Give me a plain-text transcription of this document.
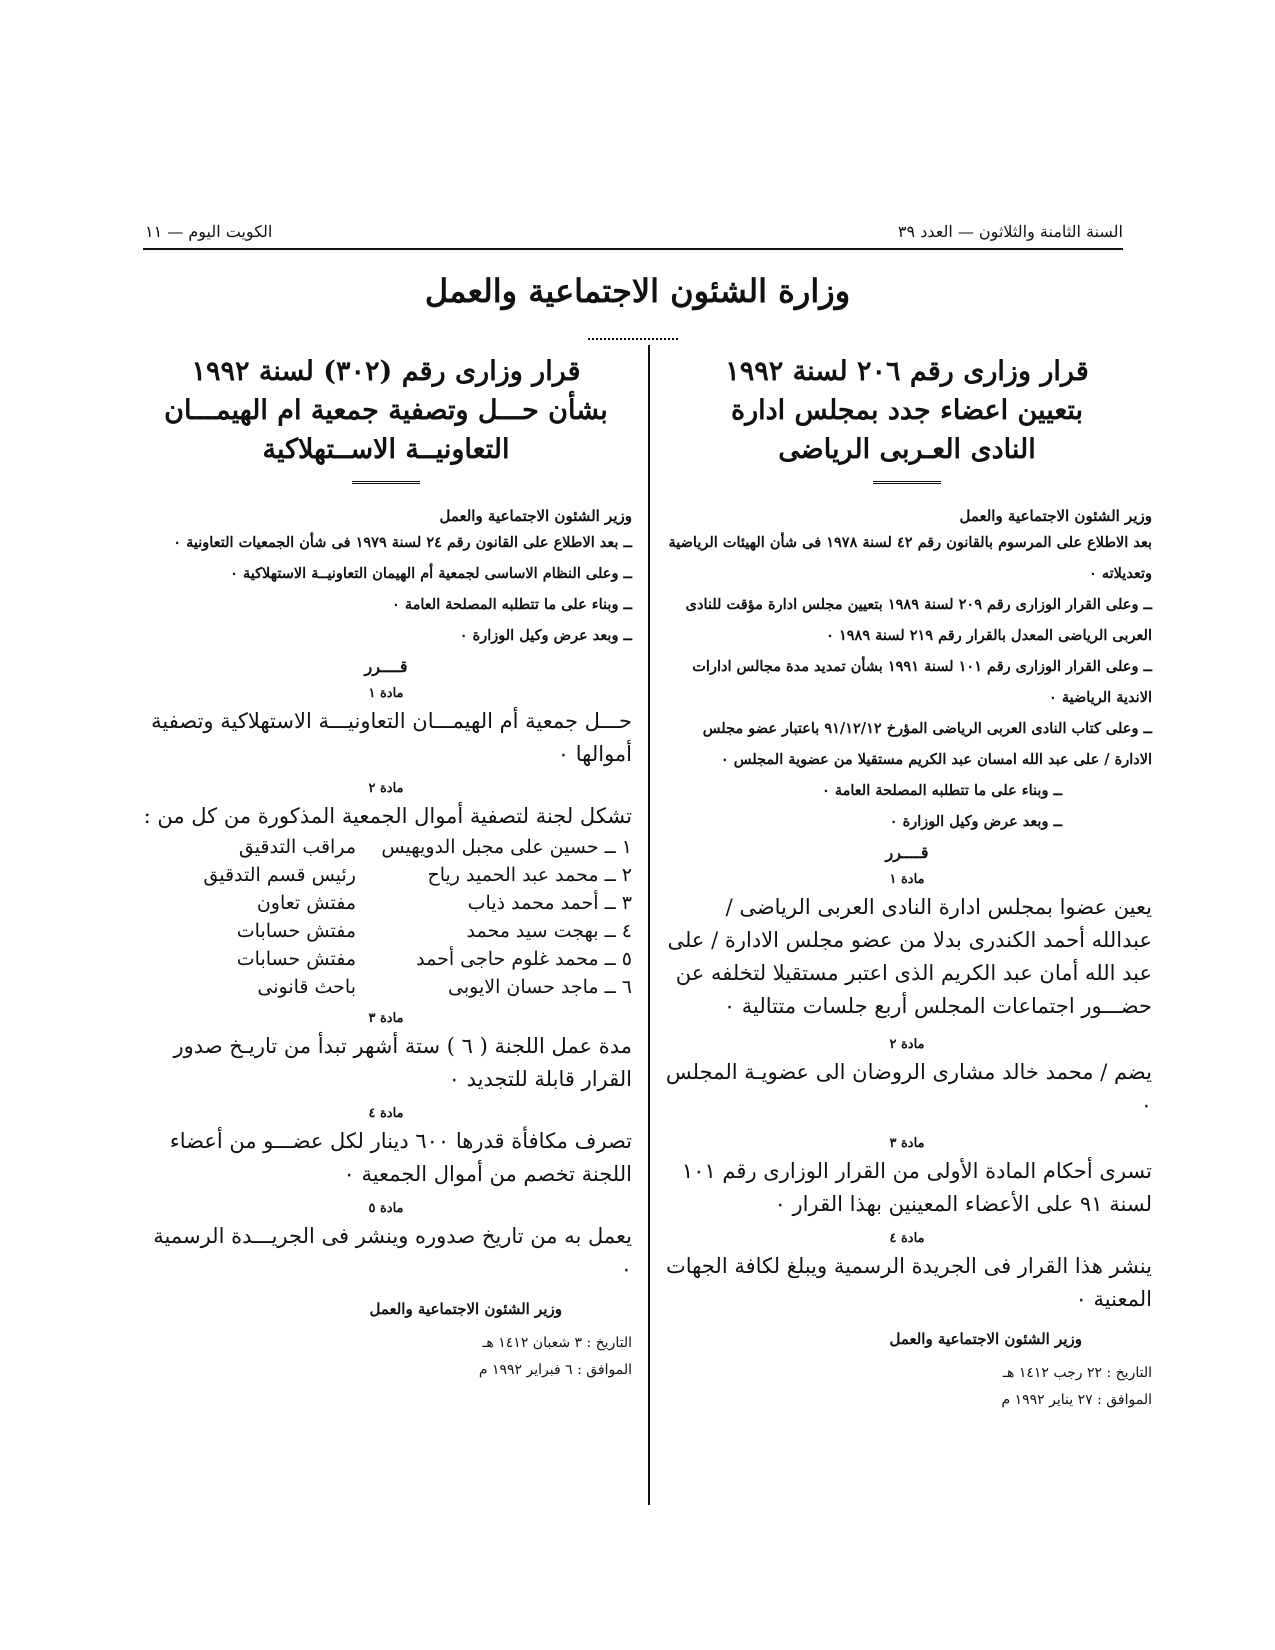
السنة الثامنة والثلاثون — العدد ٣٩
الكويت اليوم — ١١
وزارة الشئون الاجتماعية والعمل

قرار وزارى رقم ٢٠٦ لسنة ١٩٩٢

بتعيين اعضاء جدد بمجلس ادارة

النادى العـربى الرياضى

وزير الشئون الاجتماعية والعمل

بعد الاطلاع على المرسوم بالقانون رقم ٤٢ لسنة ١٩٧٨ فى شأن الهيئات الرياضية وتعديلاته ٠

ــ وعلى القرار الوزارى رقم ٢٠٩ لسنة ١٩٨٩ بتعيين مجلس ادارة مؤقت للنادى العربى الرياضى المعدل بالقرار رقم ٢١٩ لسنة ١٩٨٩ ٠

ــ وعلى القرار الوزارى رقم ١٠١ لسنة ١٩٩١ بشأن تمديد مدة مجالس ادارات الاندية الرياضية ٠

ــ وعلى كتاب النادى العربى الرياضى المؤرخ ٩١/١٢/١٢ باعتبار عضو مجلس الادارة / على عبد الله امسان عبد الكريم مستقيلا من عضوية المجلس ٠

ــ وبناء على ما تتطلبه المصلحة العامة ٠

ــ وبعد عرض وكيل الوزارة ٠

قــــرر

مادة ١

يعين عضوا بمجلس ادارة النادى العربى الرياضى / عبدالله أحمد الكندرى بدلا من عضو مجلس الادارة / على عبد الله أمان عبد الكريم الذى اعتبر مستقيلا لتخلفه عن حضـــور اجتماعات المجلس أربع جلسات متتالية ٠

مادة ٢

يضم / محمد خالد مشارى الروضان الى عضويـة المجلس ٠

مادة ٣

تسرى أحكام المادة الأولى من القرار الوزارى رقم ١٠١ لسنة ٩١ على الأعضاء المعينين بهذا القرار ٠

مادة ٤

ينشر هذا القرار فى الجريدة الرسمية ويبلغ لكافة الجهات المعنية ٠

وزير الشئون الاجتماعية والعمل

التاريخ : ٢٢ رجب ١٤١٢ هـ

الموافق : ٢٧ يناير ١٩٩٢ م

قرار وزارى رقم (٣٠٢) لسنة ١٩٩٢

بشأن حـــل وتصفية جمعية ام الهيمـــان

التعاونيــة الاســتهلاكية

وزير الشئون الاجتماعية والعمل

ــ بعد الاطلاع على القانون رقم ٢٤ لسنة ١٩٧٩ فى شأن الجمعيات التعاونية ٠

ــ وعلى النظام الاساسى لجمعية أم الهيمان التعاونيــة الاستهلاكية ٠

ــ وبناء على ما تتطلبه المصلحة العامة ٠

ــ وبعد عرض وكيل الوزارة ٠

قــــرر

مادة ١

حـــل جمعية أم الهيمـــان التعاونيـــة الاستهلاكية وتصفية أموالها ٠

مادة ٢

تشكل لجنة لتصفية أموال الجمعية المذكورة من كل من :

١ ــ حسين على مجبل الدويهيس	مراقب التدقيق
٢ ــ محمد عبد الحميد رياح	رئيس قسم التدقيق
٣ ــ أحمد محمد ذياب	مفتش تعاون
٤ ــ بهجت سيد محمد	مفتش حسابات
٥ ــ محمد غلوم حاجى أحمد	مفتش حسابات
٦ ــ ماجد حسان الايوبى	باحث قانونى

مادة ٣

مدة عمل اللجنة ( ٦ ) ستة أشهر تبدأ من تاريـخ صدور القرار قابلة للتجديد ٠

مادة ٤

تصرف مكافأة قدرها ٦٠٠ دينار لكل عضـــو من أعضاء اللجنة تخصم من أموال الجمعية ٠

مادة ٥

يعمل به من تاريخ صدوره وينشر فى الجريـــدة الرسمية ٠

وزير الشئون الاجتماعية والعمل

التاريخ : ٣ شعبان ١٤١٢ هـ

الموافق : ٦ فبراير ١٩٩٢ م
